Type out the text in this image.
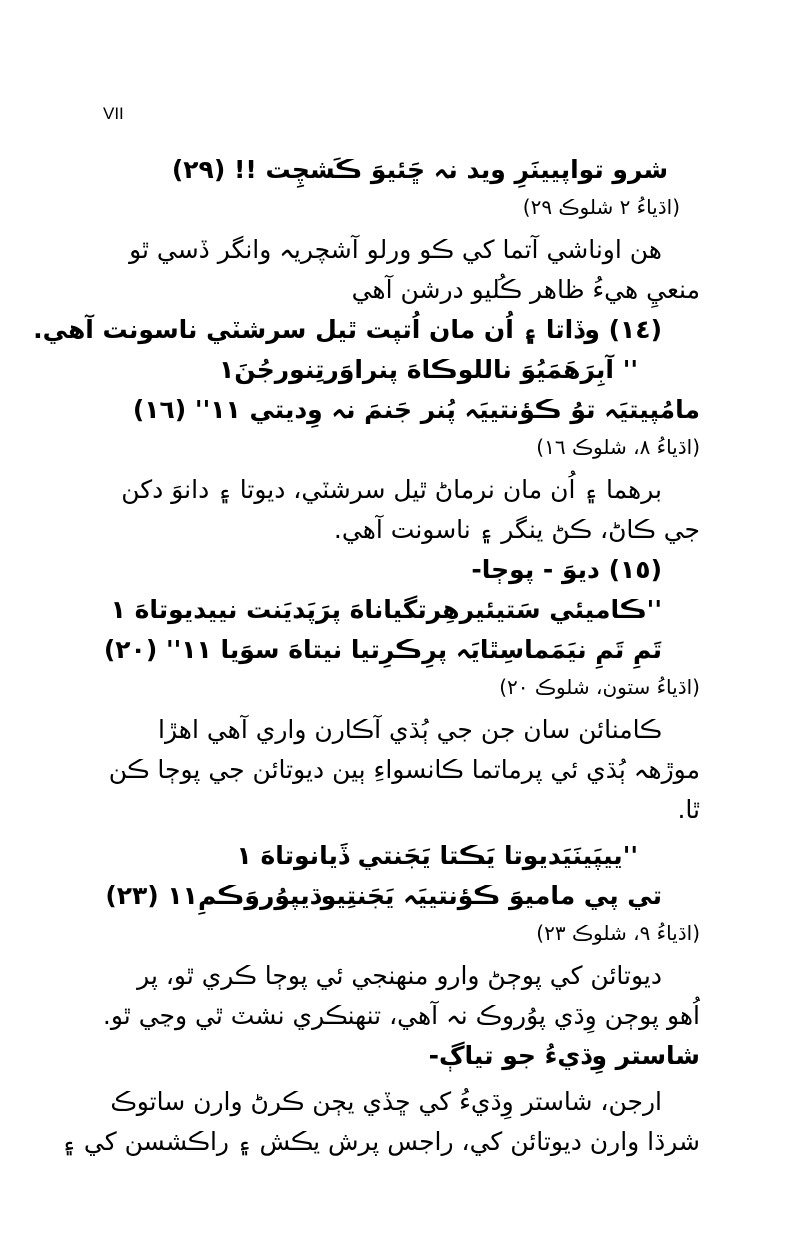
VII
شرو تواپيينَرِ ويد نہ ڇَئيوَ ڪَشچِت !! (٢٩)
(اڌياءُ ٢ شلوڪ ٢٩)
هن اوناشي آتما کي ڪو ورلو آشچريہ وانگر ڏسي ٿو
منعيِ هيءُ ظاهر ڪُليو درشن آهي
(١٤) وڏاتا ۽ اُن مان اُتپت ٿيل سرشٽي ناسونت آهي.
'' آبِرَهَمَيُوَ ناللوڪاهَ پنراوَرتِنورجُنَ۱
مامُپيتيَہ توُ ڪؤنتييَہ پُنر جَنمَ نہ وِديتي ١١'' (١٦)
(اڌياءُ ٨، شلوڪ ١٦)
برهما ۽ اُن مان نرماڻ ٿيل سرشٽي، ديوتا ۽ دانوَ دکن
جي ڪاڻ، ڪڻ ينگر ۽ ناسونت آهي.
(١٥) ديوَ - پوڄا-
''ڪاميئي سَتيئيرهِرتگياناهَ پرَپَديَنت نييديوتاهَ ١
تَمِ تَمِ نيَمَماسِٿايَہ پرِڪرِتيا نيتاهَ سوَيا ١١'' (٢٠)
(اڌياءُ ستون، شلوڪ ٢٠)
ڪامنائن سان جن جي ٻُڌي آڪارن واري آهي اهڙا
موڙهہ ٻُڌي ئي پرماتما ڪانسواءِ ٻين ديوتائن جي پوڄا ڪن
ٿا.
''ييپَينَيَديوتا يَڪتا يَجَنتي ڏَيانوتاهَ ١
تي پي مامیوَ ڪؤنتييَہ يَجَنتِيوڌيپوُروَڪمِ١١ (٢٣)
(اڌياءُ ٩، شلوڪ ٢٣)
ديوتائن کي پوڄڻ وارو منهنجي ئي پوڄا ڪري ٿو، پر
اُهو پوڄن وِڌي پوُروڪ نہ آهي، تنهنڪري نشٽ ٿي وڃي ٿو.
شاستر وِڌيءُ جو تياڳ-
ارجن، شاستر وِڌيءُ کي ڇڏي يڄن ڪرڻ وارن ساتوڪ
شرڌا وارن ديوتائن کي، راجس پرش يڪش ۽ راڪشسن کي ۽
